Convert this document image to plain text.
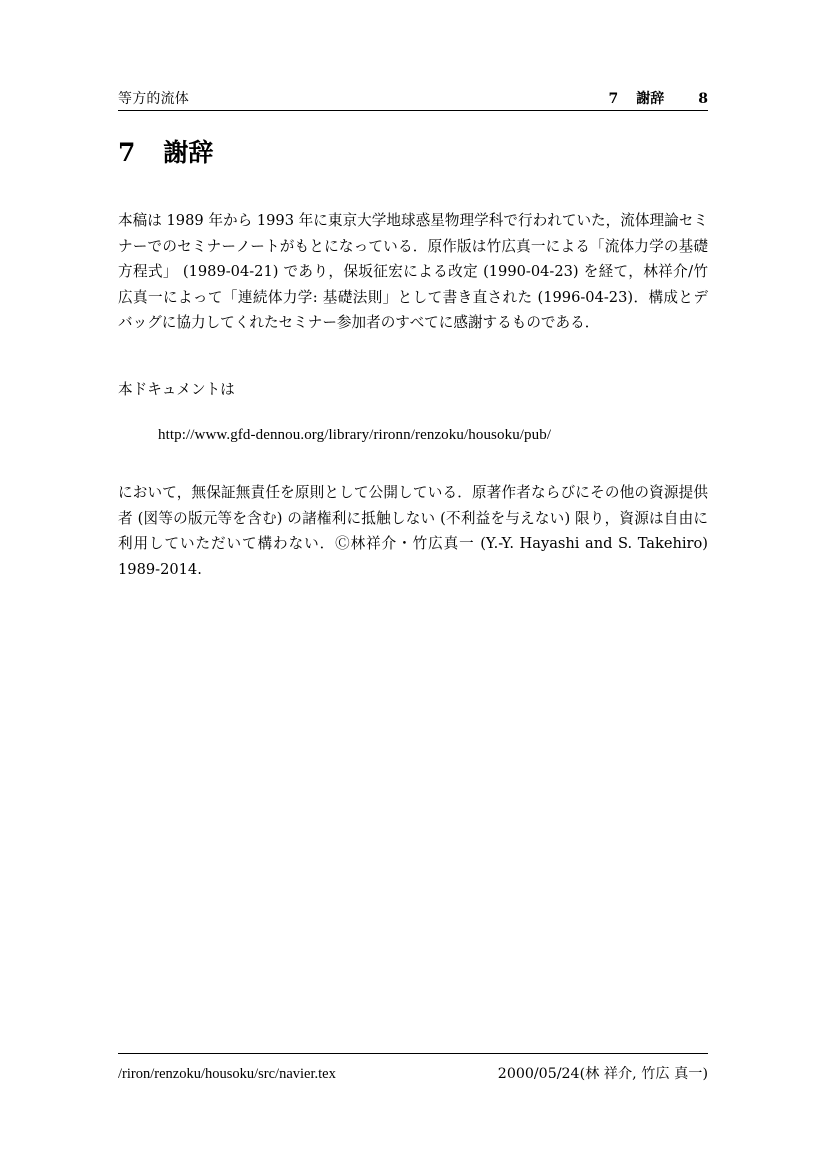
等方的流体	7 謝辞 8
7 謝辞
本稿は 1989 年から 1993 年に東京大学地球惑星物理学科で行われていた，流体理論セミナーでのセミナーノートがもとになっている．原作版は竹広真一による「流体力学の基礎方程式」 (1989-04-21) であり，保坂征宏による改定 (1990-04-23) を経て，林祥介/竹広真一によって「連続体力学: 基礎法則」として書き直された (1996-04-23)．構成とデバッグに協力してくれたセミナー参加者のすべてに感謝するものである．
本ドキュメントは
http://www.gfd-dennou.org/library/rironn/renzoku/housoku/pub/
において，無保証無責任を原則として公開している．原著作者ならびにその他の資源提供者 (図等の版元等を含む) の諸権利に抵触しない (不利益を与えない) 限り，資源は自由に利用していただいて構わない．Ⓒ林祥介・竹広真一 (Y.-Y. Hayashi and S. Takehiro) 1989-2014.
/riron/renzoku/housoku/src/navier.tex	2000/05/24(林 祥介, 竹広 真一)
